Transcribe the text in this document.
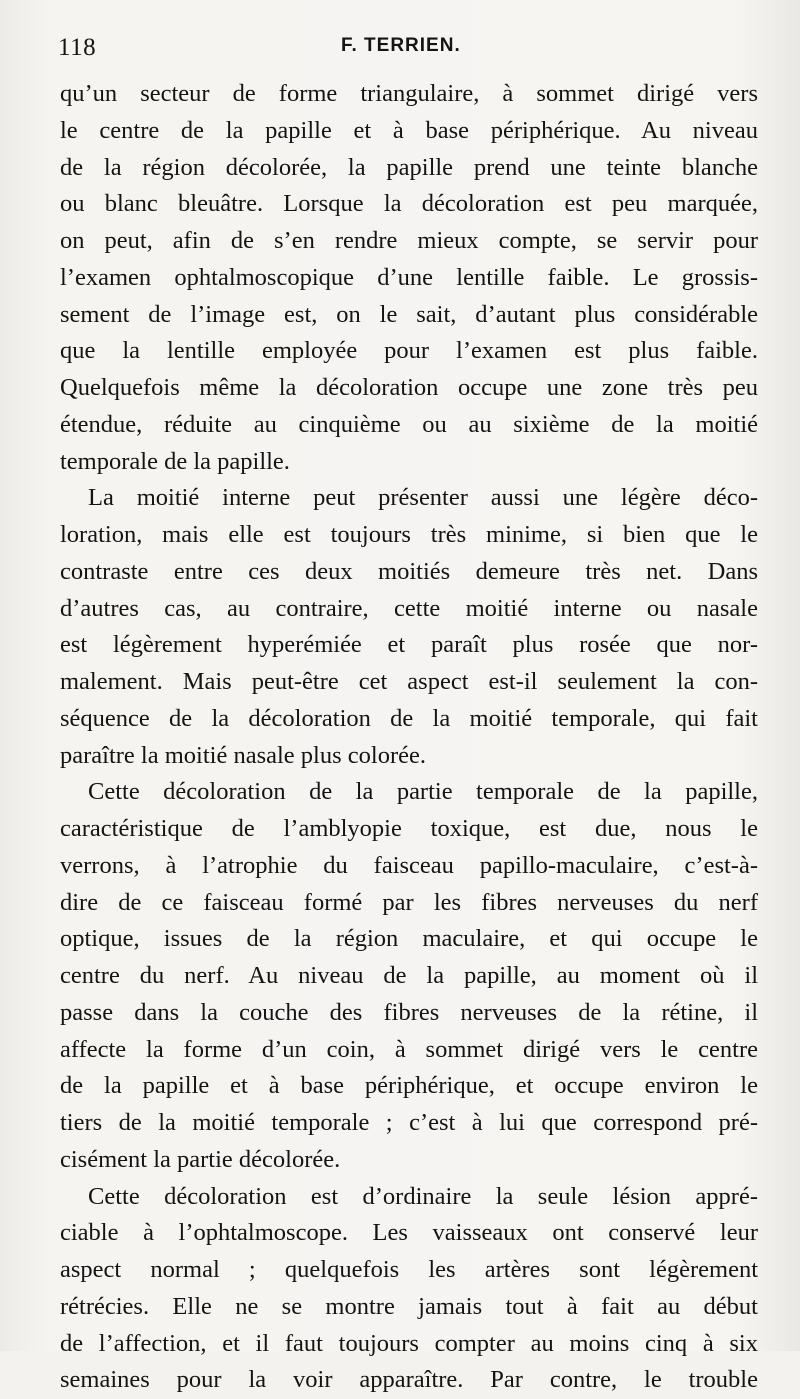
118	F. TERRIEN.
qu’un secteur de forme triangulaire, à sommet dirigé vers
le centre de la papille et à base périphérique. Au niveau
de la région décolorée, la papille prend une teinte blanche
ou blanc bleuâtre. Lorsque la décoloration est peu marquée,
on peut, afin de s’en rendre mieux compte, se servir pour
l’examen ophtalmoscopique d’une lentille faible. Le grossis-
sement de l’image est, on le sait, d’autant plus considérable
que la lentille employée pour l’examen est plus faible.
Quelquefois même la décoloration occupe une zone très peu
étendue, réduite au cinquième ou au sixième de la moitié
temporale de la papille.
La moitié interne peut présenter aussi une légère déco-
loration, mais elle est toujours très minime, si bien que le
contraste entre ces deux moitiés demeure très net. Dans
d’autres cas, au contraire, cette moitié interne ou nasale
est légèrement hyperémiée et paraît plus rosée que nor-
malement. Mais peut-être cet aspect est-il seulement la con-
séquence de la décoloration de la moitié temporale, qui fait
paraître la moitié nasale plus colorée.
Cette décoloration de la partie temporale de la papille,
caractéristique de l’amblyopie toxique, est due, nous le
verrons, à l’atrophie du faisceau papillo-maculaire, c’est-à-
dire de ce faisceau formé par les fibres nerveuses du nerf
optique, issues de la région maculaire, et qui occupe le
centre du nerf. Au niveau de la papille, au moment où il
passe dans la couche des fibres nerveuses de la rétine, il
affecte la forme d’un coin, à sommet dirigé vers le centre
de la papille et à base périphérique, et occupe environ le
tiers de la moitié temporale ; c’est à lui que correspond pré-
cisément la partie décolorée.
Cette décoloration est d’ordinaire la seule lésion appré-
ciable à l’ophtalmoscope. Les vaisseaux ont conservé leur
aspect normal ; quelquefois les artères sont légèrement
rétrécies. Elle ne se montre jamais tout à fait au début
de l’affection, et il faut toujours compter au moins cinq à six
semaines pour la voir apparaître. Par contre, le trouble
